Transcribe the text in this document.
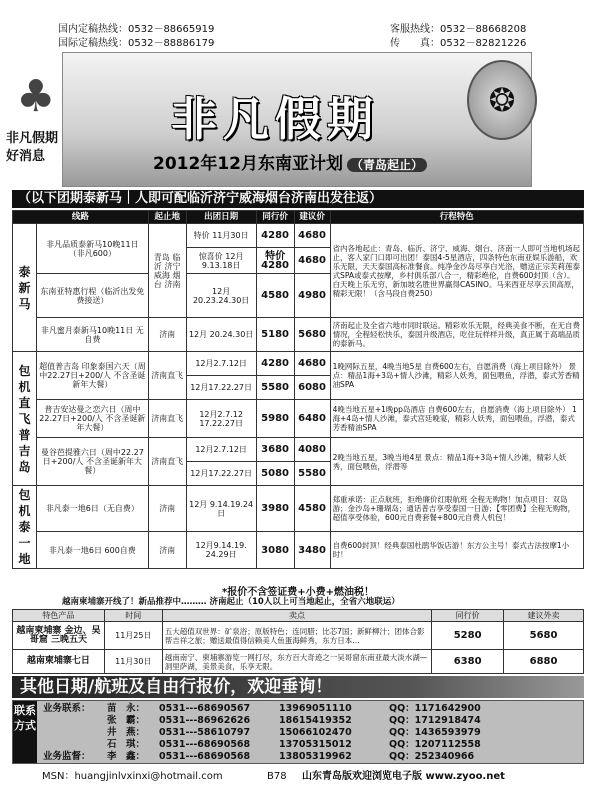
国内定稿热线：0532－88665919
国际定稿热线：0532－88886179
客服热线：0532－88668208
传　　真：0532－82821226
非凡假期
2012年12月东南亚计划 （青岛起止）
♣
非凡假期 好消息
❂
（以下团期泰新马｜人即可配临沂济宁威海烟台济南出发往返）
线路		起止地	出团日期	同行价	建议价	行程特色
泰新马	非凡品质泰新马10晚11日（非凡600）	青岛 临沂 济宁 威海 烟台 济南	特价 11月30日	4280	4680	省内各地起止：青岛、临沂、济宁、威海、烟台、济南一人即可当地机场起止，客人家门口即可出团！泰国4-5星酒店，四条特色东南亚娱乐游船，欢乐无限，天天泰国高标准餐食。纯净金沙岛尽享白光浴，赠送正宗芙莉莲泰式SPA或泰式按摩，乡村俱乐部八合一，精彩绝伦，自费600封顶（含）。白天晚上乐无穷，新加坡名胜世界赢得CASINO。马来西亚尽享云顶高原，精彩无限！（含马段自费250）
			惊喜价 12月9.13.18日	特价 4280	4680	
	东南亚特惠行程（临沂出发免费接送）		12月 20.23.24.30日	4580	4980	
	非凡蜜月泰新马10晚11日 无自费	济南	12月 20.24.30日	5180	5680	济南起止及全省六地市同时联运。精彩欢乐无限，经典美食不断，在无自费情况，全程轻松快乐，泰国升级酒店，吃住玩样样升级，真正属于高端品质的泰新马。
包机直飞普吉岛	超值普吉岛 印象泰国六天（周中22.27日+200/人 不含圣诞新年大餐）	济南直飞	12月2.7.12日	4280	4680	1晚网际五星，4晚当地5星 自费600左右，自愿消费（海上项目除外） 景点：精品1海+3岛+情人沙滩，精彩人妖秀，面包喂鱼，浮潜，泰式芳香精油SPA
			12月17.22.27日	5580	6080	
	普吉安达曼之恋六日（周中22.27日+200/人 不含圣诞新年大餐）	济南直飞	12月2.7.12 17.22.27日	5980	6480	4晚当地五星+1晚pp岛酒店 自费600左右，自愿消费（海上项目除外） 1海+4岛+情人沙滩，泰式宫廷晚宴，精彩人妖秀，面包喂鱼，浮潜，泰式芳香精油SPA
	曼谷芭提雅六日（周中22.27日+200/人 不含圣诞新年大餐）	济南直飞	12月2.7.12日	3680	4080	2晚当地五星，3晚当地4星 景点：精品1海+3岛+情人沙滩，精彩人妖秀，面包喂鱼，浮潜等
			12月17.22.27日	5080	5580	
包机泰一地	非凡泰一地6日（无自费）	济南	12月 9.14.19.24日	3980	4580	郑重承诺：正点航班，拒绝廉价红眼航班 全程无购物！加点项目：双岛游；金沙岛+珊瑚岛；通话普吉享受泰国一日游；【零团费】全程无购物，超值享受体验，600元自费套餐+800元自费人机包！
	非凡泰一地6日 600自费	济南	12月9.14.19. 24.29日	3080	3480	自费600封顶！经典泰国杜鹃华饭店游！东方公主号！泰式古法按摩1小时！
*报价不含签证费+小费+燃油税！
越南柬埔寨开线了！新品推荐中……… 济南起止（10人以上可当地起止，全省六地联运）
特色产品	时间	卖点	同行价	建议外卖
越南柬埔寨 金边、吴哥窟 三晚五天	11月25日	五大超值双世界：矿泉浴；原版特色；连同腊；比芯7国；新鲜柳汁；团体合影帮吉祥之旅；赠送最值得信赖美人鱼蛋海鲜秀，东方日本…	5280	5680
越南柬埔寨七日	11月30日	越南南宁、柬埔寨游览一网打尽，东方百大奇迹之一吴哥窟东南亚最大淡水湖—洞里萨湖，美景美食，乐享无限。	6380	6880
其他日期/航班及自由行报价，欢迎垂询！
联系方式
业务联系： 苗　永： 0531---68690567	13969051110	QQ：1171642900
张　霸： 0531---86962626	18615419352	QQ：1712918474
井　燕： 0531---58610797	15066102470	QQ：1436593979
石　琪： 0531---68690568	13705315012	QQ：1207112558
业务监督： 李　鑫： 0531---68690568	13805319962	QQ：252340966
MSN：huangjinlvxinxi@hotmail.com	B78 山东青岛版欢迎浏览电子版 www.zyoo.net
